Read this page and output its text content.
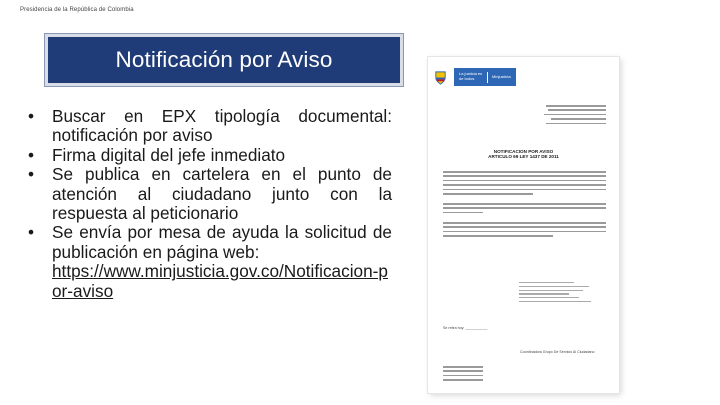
Presidencia de la República de Colombia
Notificación por Aviso
• Buscar en EPX tipología documental: notificación por aviso
• Firma digital del jefe inmediato
• Se publica en cartelera en el punto de atención al ciudadano junto con la respuesta al peticionario
• Se envía por mesa de ayuda la solicitud de publicación en página web:
https://www.minjusticia.gov.co/Notificacion-por-aviso
La justicia es de todos	Minjusticia
NOTIFICACION POR AVISO
ARTICULO 69 LEY 1437 DE 2011
Se retira hoy: ___________
Coordinadora Grupo De Servicio Al Ciudadano
